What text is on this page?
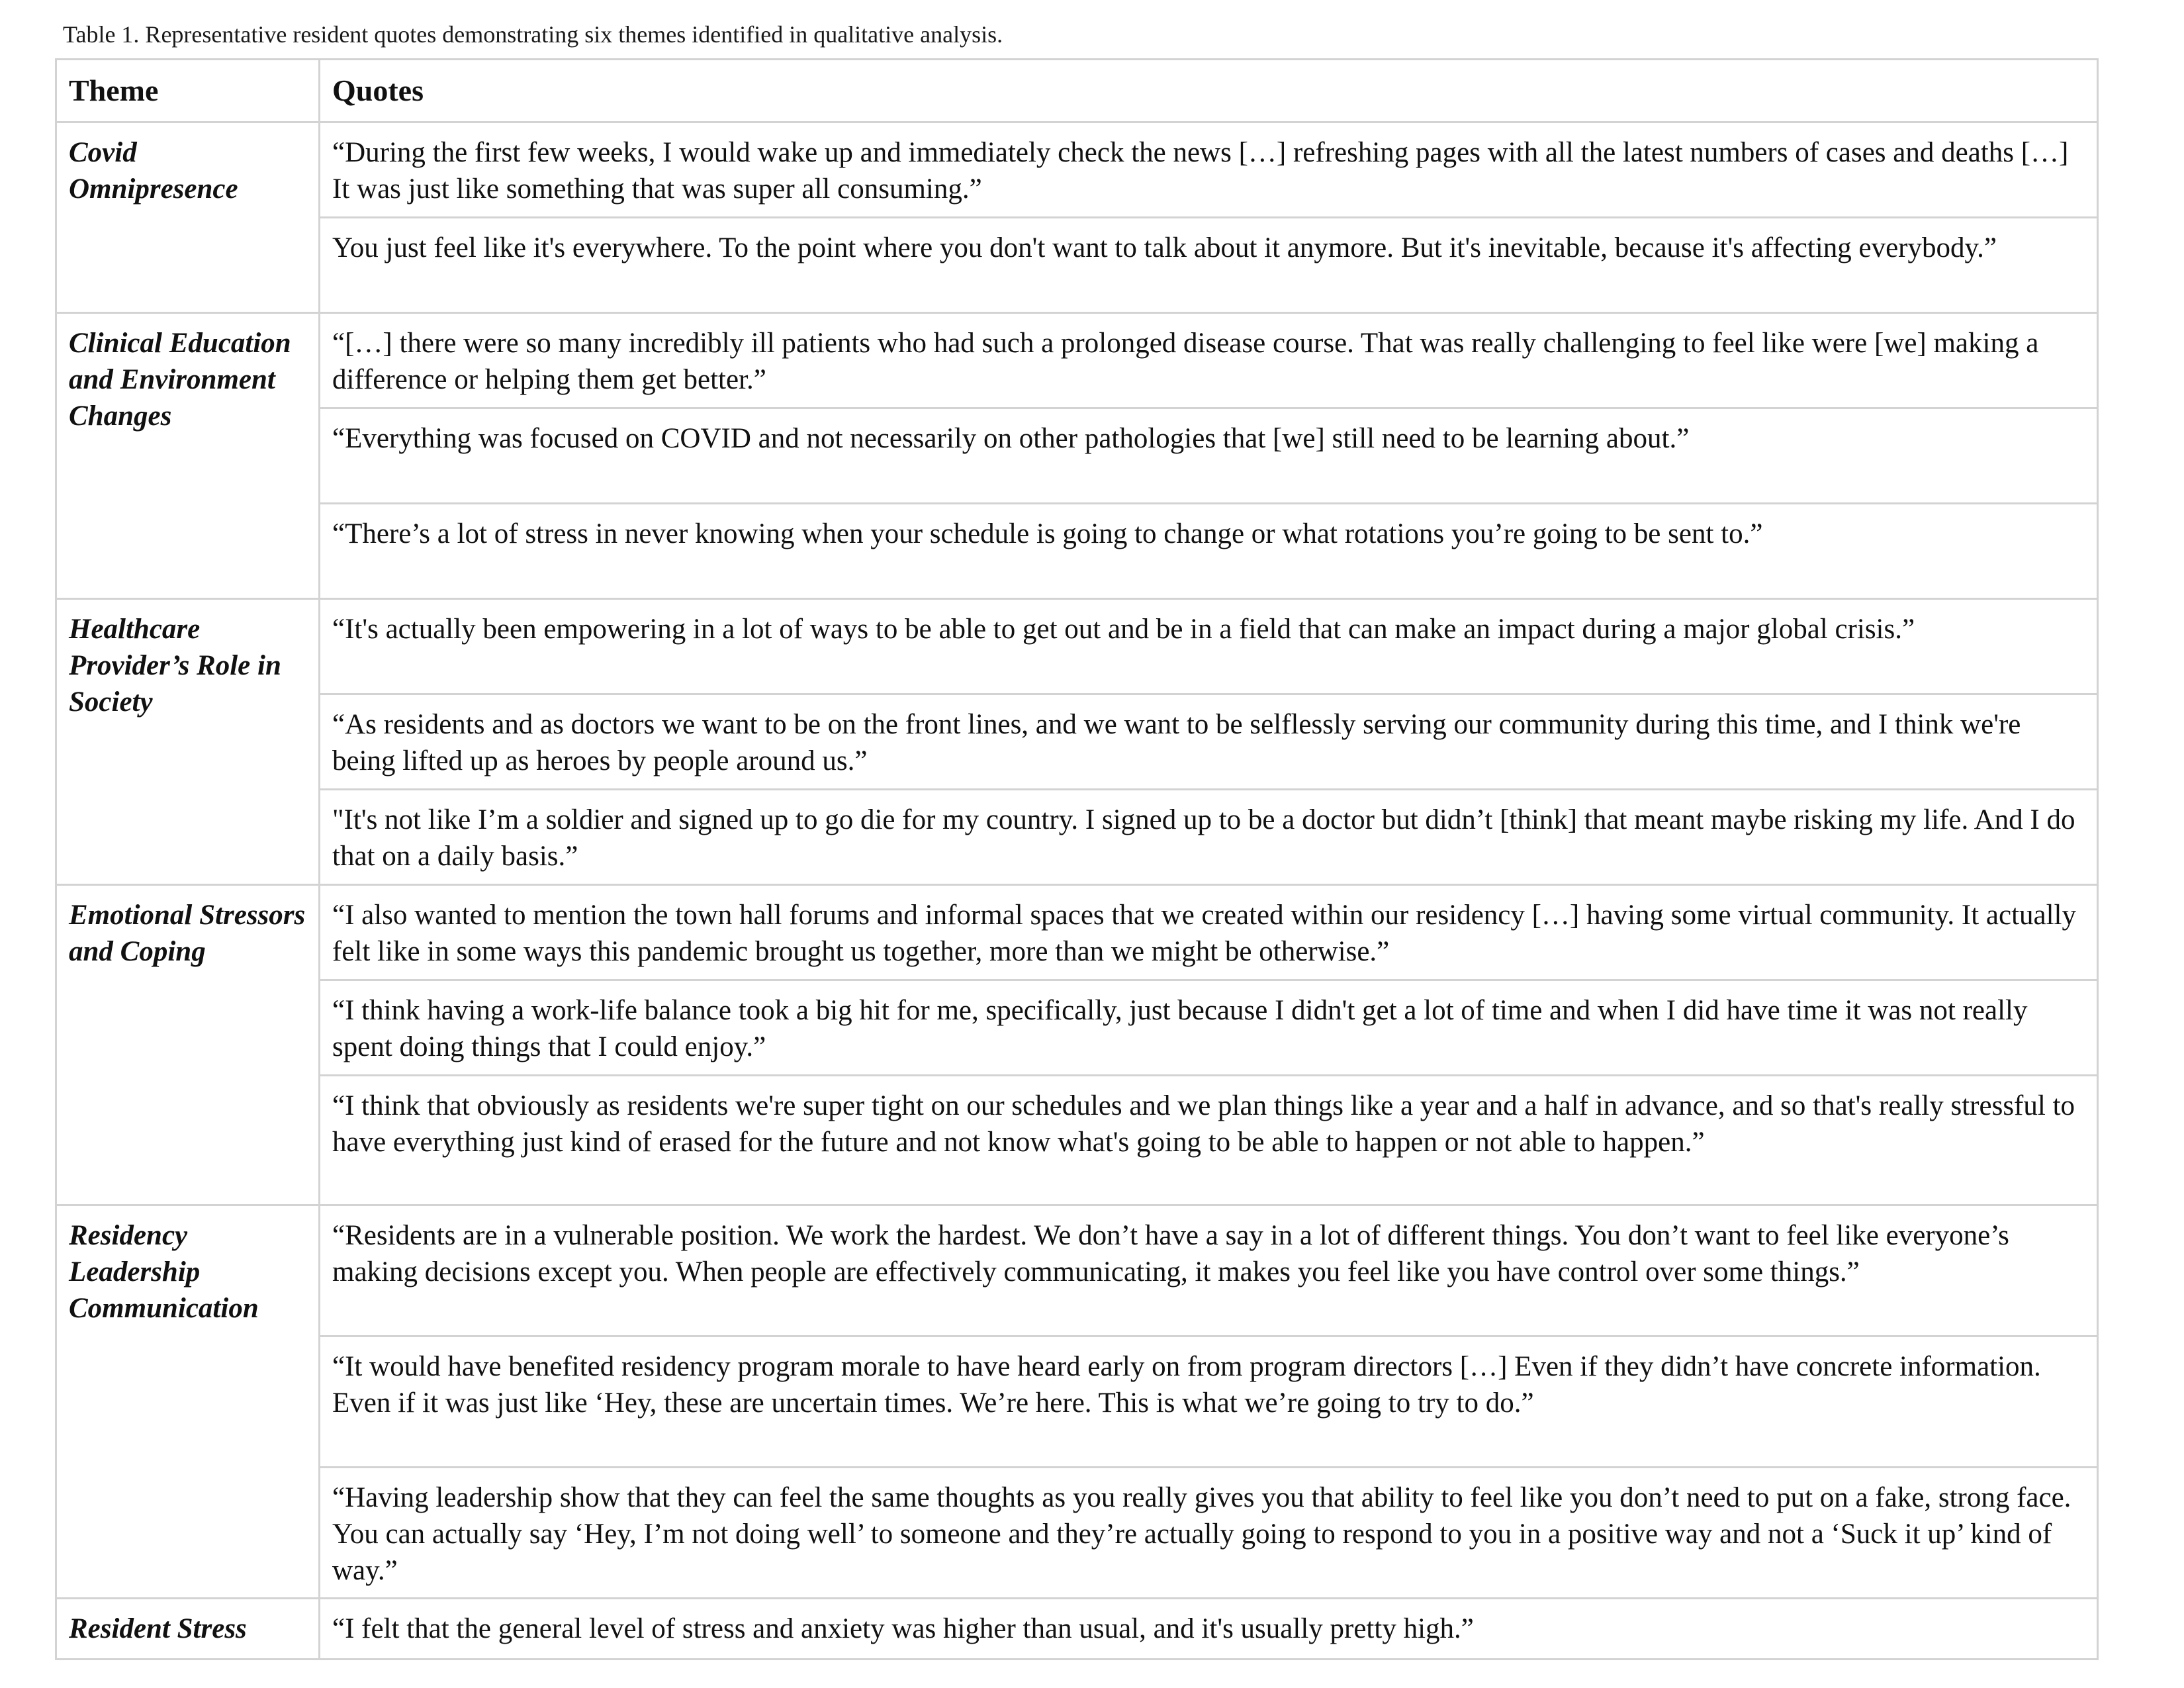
Table 1. Representative resident quotes demonstrating six themes identified in qualitative analysis.
Theme	Quotes
Covid Omnipresence	“During the first few weeks, I would wake up and immediately check the news […] refreshing pages with all the latest numbers of cases and deaths […] It was just like something that was super all consuming.”
	You just feel like it's everywhere. To the point where you don't want to talk about it anymore. But it's inevitable, because it's affecting everybody.”
Clinical Education and Environment Changes	“[…] there were so many incredibly ill patients who had such a prolonged disease course. That was really challenging to feel like were [we] making a difference or helping them get better.”
	“Everything was focused on COVID and not necessarily on other pathologies that [we] still need to be learning about.”
	“There’s a lot of stress in never knowing when your schedule is going to change or what rotations you’re going to be sent to.”
Healthcare Provider’s Role in Society	“It's actually been empowering in a lot of ways to be able to get out and be in a field that can make an impact during a major global crisis.”
	“As residents and as doctors we want to be on the front lines, and we want to be selflessly serving our community during this time, and I think we're being lifted up as heroes by people around us.”
	"It's not like I’m a soldier and signed up to go die for my country. I signed up to be a doctor but didn’t [think] that meant maybe risking my life. And I do that on a daily basis.”
Emotional Stressors and Coping	“I also wanted to mention the town hall forums and informal spaces that we created within our residency […] having some virtual community. It actually felt like in some ways this pandemic brought us together, more than we might be otherwise.”
	“I think having a work-life balance took a big hit for me, specifically, just because I didn't get a lot of time and when I did have time it was not really spent doing things that I could enjoy.”
	“I think that obviously as residents we're super tight on our schedules and we plan things like a year and a half in advance, and so that's really stressful to have everything just kind of erased for the future and not know what's going to be able to happen or not able to happen.”
Residency Leadership Communication	“Residents are in a vulnerable position. We work the hardest. We don’t have a say in a lot of different things. You don’t want to feel like everyone’s making decisions except you. When people are effectively communicating, it makes you feel like you have control over some things.”
	“It would have benefited residency program morale to have heard early on from program directors […] Even if they didn’t have concrete information. Even if it was just like ‘Hey, these are uncertain times. We’re here. This is what we’re going to try to do.”
	“Having leadership show that they can feel the same thoughts as you really gives you that ability to feel like you don’t need to put on a fake, strong face. You can actually say ‘Hey, I’m not doing well’ to someone and they’re actually going to respond to you in a positive way and not a ‘Suck it up’ kind of way.”
Resident Stress	“I felt that the general level of stress and anxiety was higher than usual, and it's usually pretty high.”
